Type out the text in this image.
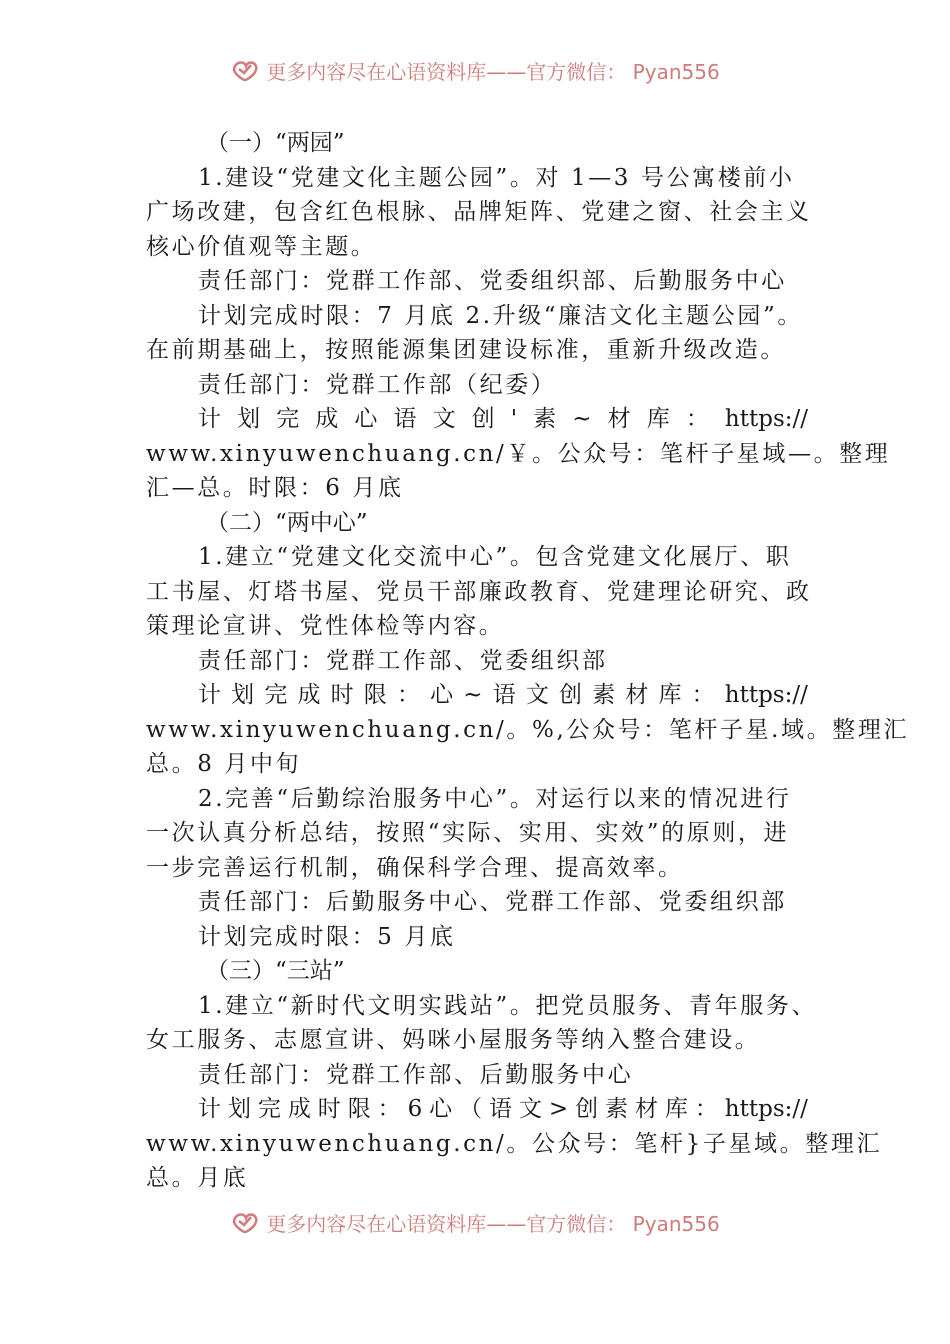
更多内容尽在心语资料库——官方微信： Pyan556
（一）“两园”
1.建设“党建文化主题公园”。对 1—3 号公寓楼前小
广场改建，包含红色根脉、品牌矩阵、党建之窗、社会主义
核心价值观等主题。
责任部门：党群工作部、党委组织部、后勤服务中心
计划完成时限：7 月底 2.升级“廉洁文化主题公园”。
在前期基础上，按照能源集团建设标准，重新升级改造。
责任部门：党群工作部（纪委）
计 划 完 成 心 语 文 创 ' 素 ~ 材 库 ： https://
www.xinyuwenchuang.cn/￥。公众号：笔杆子星域—。整理
汇—总。时限：6 月底
（二）“两中心”
1.建立“党建文化交流中心”。包含党建文化展厅、职
工书屋、灯塔书屋、党员干部廉政教育、党建理论研究、政
策理论宣讲、党性体检等内容。
责任部门：党群工作部、党委组织部
计 划 完 成 时 限 ： 心 ~ 语 文 创 素 材 库 ： https://
www.xinyuwenchuang.cn/。%,公众号：笔杆子星.域。整理汇
总。8 月中旬
2.完善“后勤综治服务中心”。对运行以来的情况进行
一次认真分析总结，按照“实际、实用、实效”的原则，进
一步完善运行机制，确保科学合理、提高效率。
责任部门：后勤服务中心、党群工作部、党委组织部
计划完成时限：5 月底
（三）“三站”
1.建立“新时代文明实践站”。把党员服务、青年服务、
女工服务、志愿宣讲、妈咪小屋服务等纳入整合建设。
责任部门：党群工作部、后勤服务中心
计 划 完 成 时 限 ： 6 心 （ 语 文 > 创 素 材 库 ： https://
www.xinyuwenchuang.cn/。公众号：笔杆}子星域。整理汇
总。月底
更多内容尽在心语资料库——官方微信： Pyan556
